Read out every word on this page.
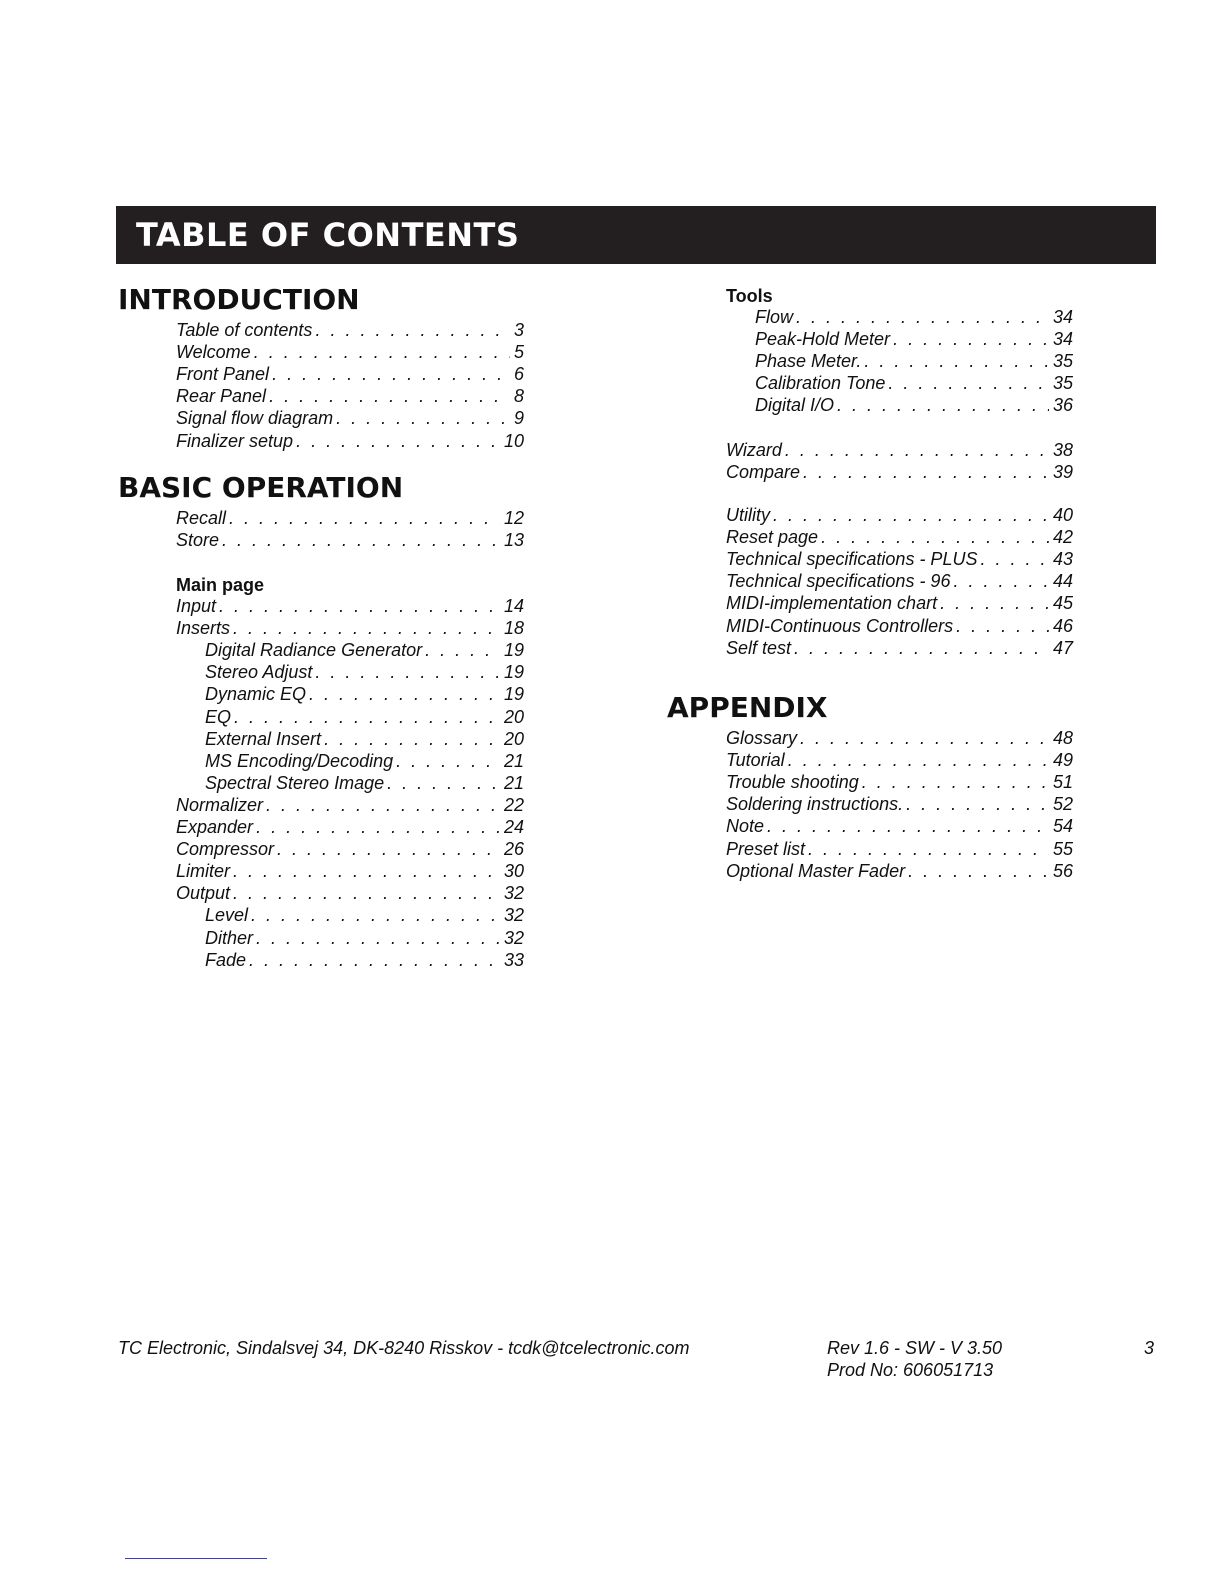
TABLE OF CONTENTS
INTRODUCTION
Table of contents . . .	3
Welcome . . .	5
Front Panel . . .	6
Rear Panel . . .	8
Signal flow diagram . . .	9
Finalizer setup . . .	10
BASIC OPERATION
Recall . . .	12
Store . . .	13
Main page
Input . . .	14
Inserts . . .	18
Digital Radiance Generator . . .	19
Stereo Adjust . . .	19
Dynamic EQ . . .	19
EQ . . .	20
External Insert . . .	20
MS Encoding/Decoding . . .	21
Spectral Stereo Image . . .	21
Normalizer . . .	22
Expander . . .	24
Compressor . . .	26
Limiter . . .	30
Output . . .	32
Level . . .	32
Dither . . .	32
Fade . . .	33
Tools
Flow . . .	34
Peak-Hold Meter . . .	34
Phase Meter. . . .	35
Calibration Tone . . .	35
Digital I/O . . .	36
Wizard . . .	38
Compare . . .	39
Utility . . .	40
Reset page . . .	42
Technical specifications - PLUS . . .	43
Technical specifications - 96 . . .	44
MIDI-implementation chart . . .	45
MIDI-Continuous Controllers . . .	46
Self test . . .	47
APPENDIX
Glossary . . .	48
Tutorial . . .	49
Trouble shooting . . .	51
Soldering instructions. . . .	52
Note . . .	54
Preset list . . .	55
Optional Master Fader . . .	56
TC Electronic, Sindalsvej 34, DK-8240 Risskov - tcdk@tcelectronic.com	Rev 1.6 - SW - V 3.50
Prod No: 606051713
3
